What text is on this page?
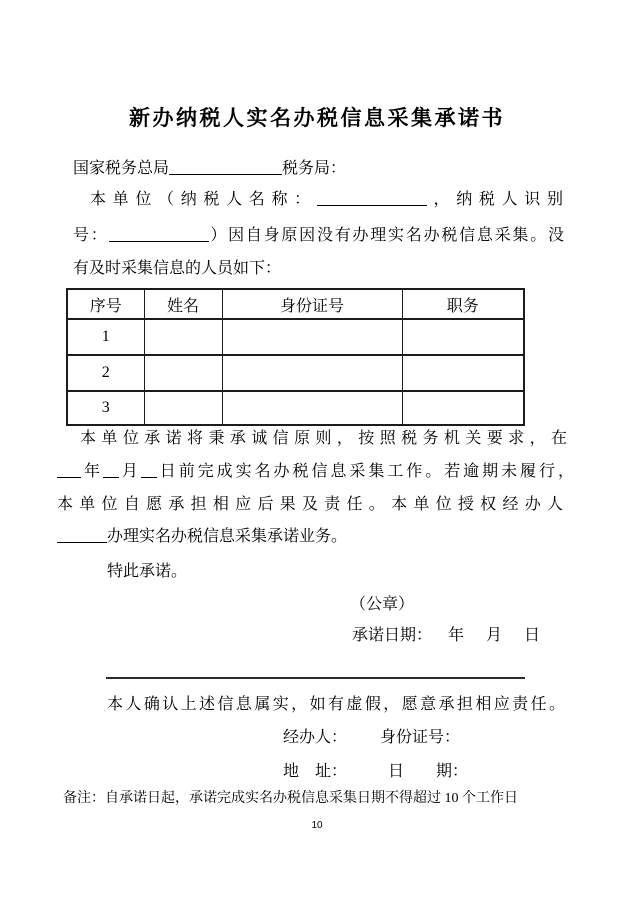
新办纳税人实名办税信息采集承诺书
国家税务总局	税务局：
本单位（纳税人名称：	，纳税人识别
号：	）因自身原因没有办理实名办税信息采集。没
有及时采集信息的人员如下：
序号	姓名	身份证号	职务
1			
2			
3			
本单位承诺将秉承诚信原则，按照税务机关要求，在
年 月 日前完成实名办税信息采集工作。若逾期未履行，
本单位自愿承担相应后果及责任。本单位授权经办人
办理实名办税信息采集承诺业务。
特此承诺。
（公章）
承诺日期： 年 月 日
本人确认上述信息属实，如有虚假，愿意承担相应责任。
经办人： 身份证号：
地　址：	日　　期：
备注：自承诺日起，承诺完成实名办税信息采集日期不得超过 10 个工作日
10
